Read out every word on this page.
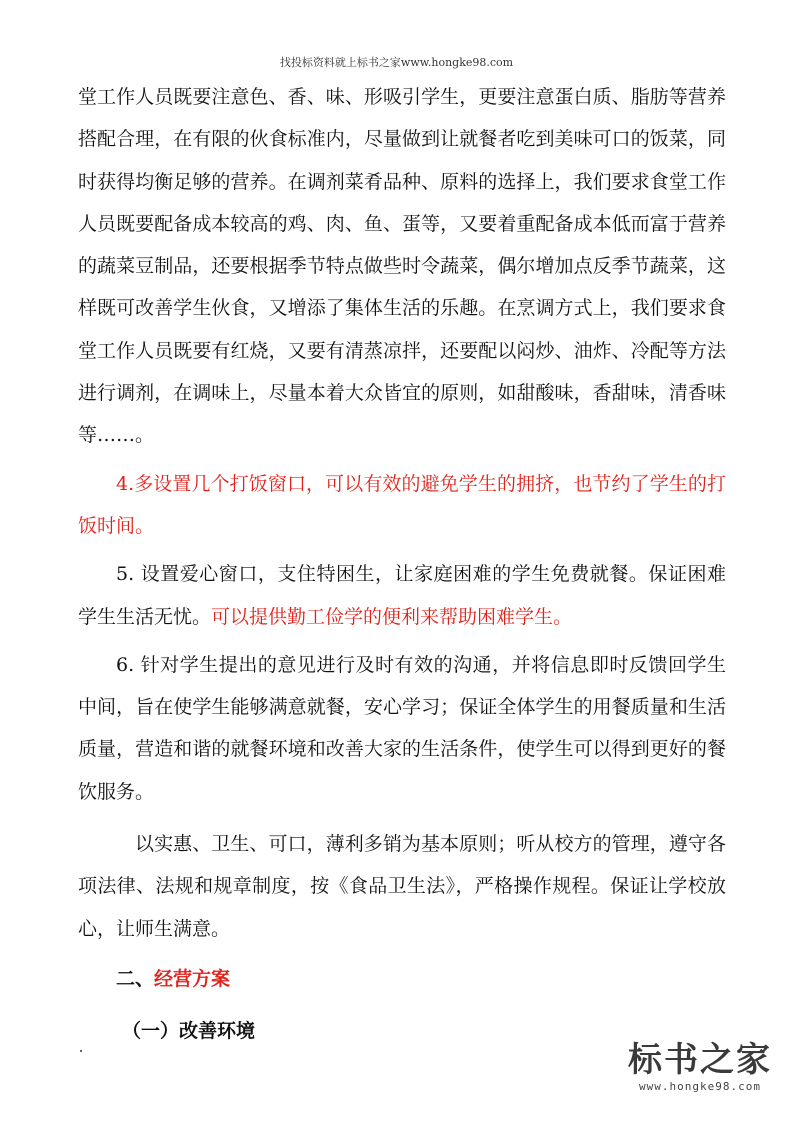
找投标资料就上标书之家www.hongke98.com

堂工作人员既要注意色、香、味、形吸引学生，更要注意蛋白质、脂肪等营养搭配合理，在有限的伙食标准内，尽量做到让就餐者吃到美味可口的饭菜，同时获得均衡足够的营养。在调剂菜肴品种、原料的选择上，我们要求食堂工作人员既要配备成本较高的鸡、肉、鱼、蛋等，又要着重配备成本低而富于营养的蔬菜豆制品，还要根据季节特点做些时令蔬菜，偶尔增加点反季节蔬菜，这样既可改善学生伙食，又增添了集体生活的乐趣。在烹调方式上，我们要求食堂工作人员既要有红烧，又要有清蒸凉拌，还要配以闷炒、油炸、冷配等方法进行调剂，在调味上，尽量本着大众皆宜的原则，如甜酸味，香甜味，清香味等……。

4.多设置几个打饭窗口，可以有效的避免学生的拥挤，也节约了学生的打饭时间。

5. 设置爱心窗口，支住特困生，让家庭困难的学生免费就餐。保证困难学生生活无忧。可以提供勤工俭学的便利来帮助困难学生。

6. 针对学生提出的意见进行及时有效的沟通，并将信息即时反馈回学生中间，旨在使学生能够满意就餐，安心学习；保证全体学生的用餐质量和生活质量，营造和谐的就餐环境和改善大家的生活条件，使学生可以得到更好的餐饮服务。

以实惠、卫生、可口，薄利多销为基本原则；听从校方的管理，遵守各项法律、法规和规章制度，按《食品卫生法》，严格操作规程。保证让学校放心，让师生满意。

二、经营方案

（一）改善环境

标书之家
www.hongke98.com
